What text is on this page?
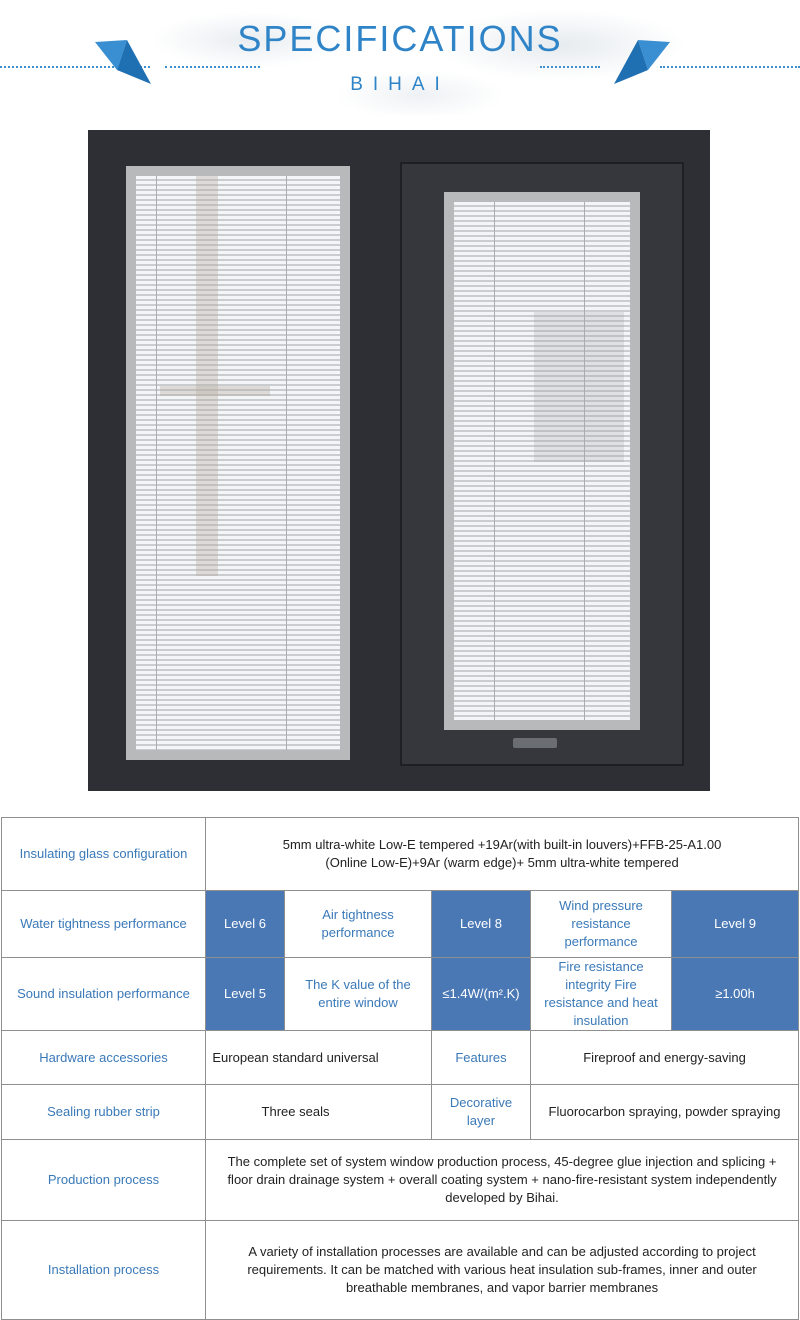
SPECIFICATIONS
BIHAI
Insulating glass configuration	5mm ultra-white Low-E tempered +19Ar(with built-in louvers)+FFB-25-A1.00
(Online Low-E)+9Ar (warm edge)+ 5mm ultra-white tempered				

Water tightness performance	Level 6	Air tightness performance	Level 8	Wind pressure resistance performance	Level 9
Sound insulation performance	Level 5	The K value of the entire window	≤1.4W/(m².K)	Fire resistance integrity Fire resistance and heat insulation	≥1.00h
Hardware accessories	European standard universal		Features	Fireproof and energy-saving	
Sealing rubber strip	Three seals		Decorative layer	Fluorocarbon spraying, powder spraying	
Production process	The complete set of system window production process, 45-degree glue injection and splicing + floor drain drainage system + overall coating system + nano-fire-resistant system independently developed by Bihai.				
Installation process	A variety of installation processes are available and can be adjusted according to project requirements. It can be matched with various heat insulation sub-frames, inner and outer breathable membranes, and vapor barrier membranes				
